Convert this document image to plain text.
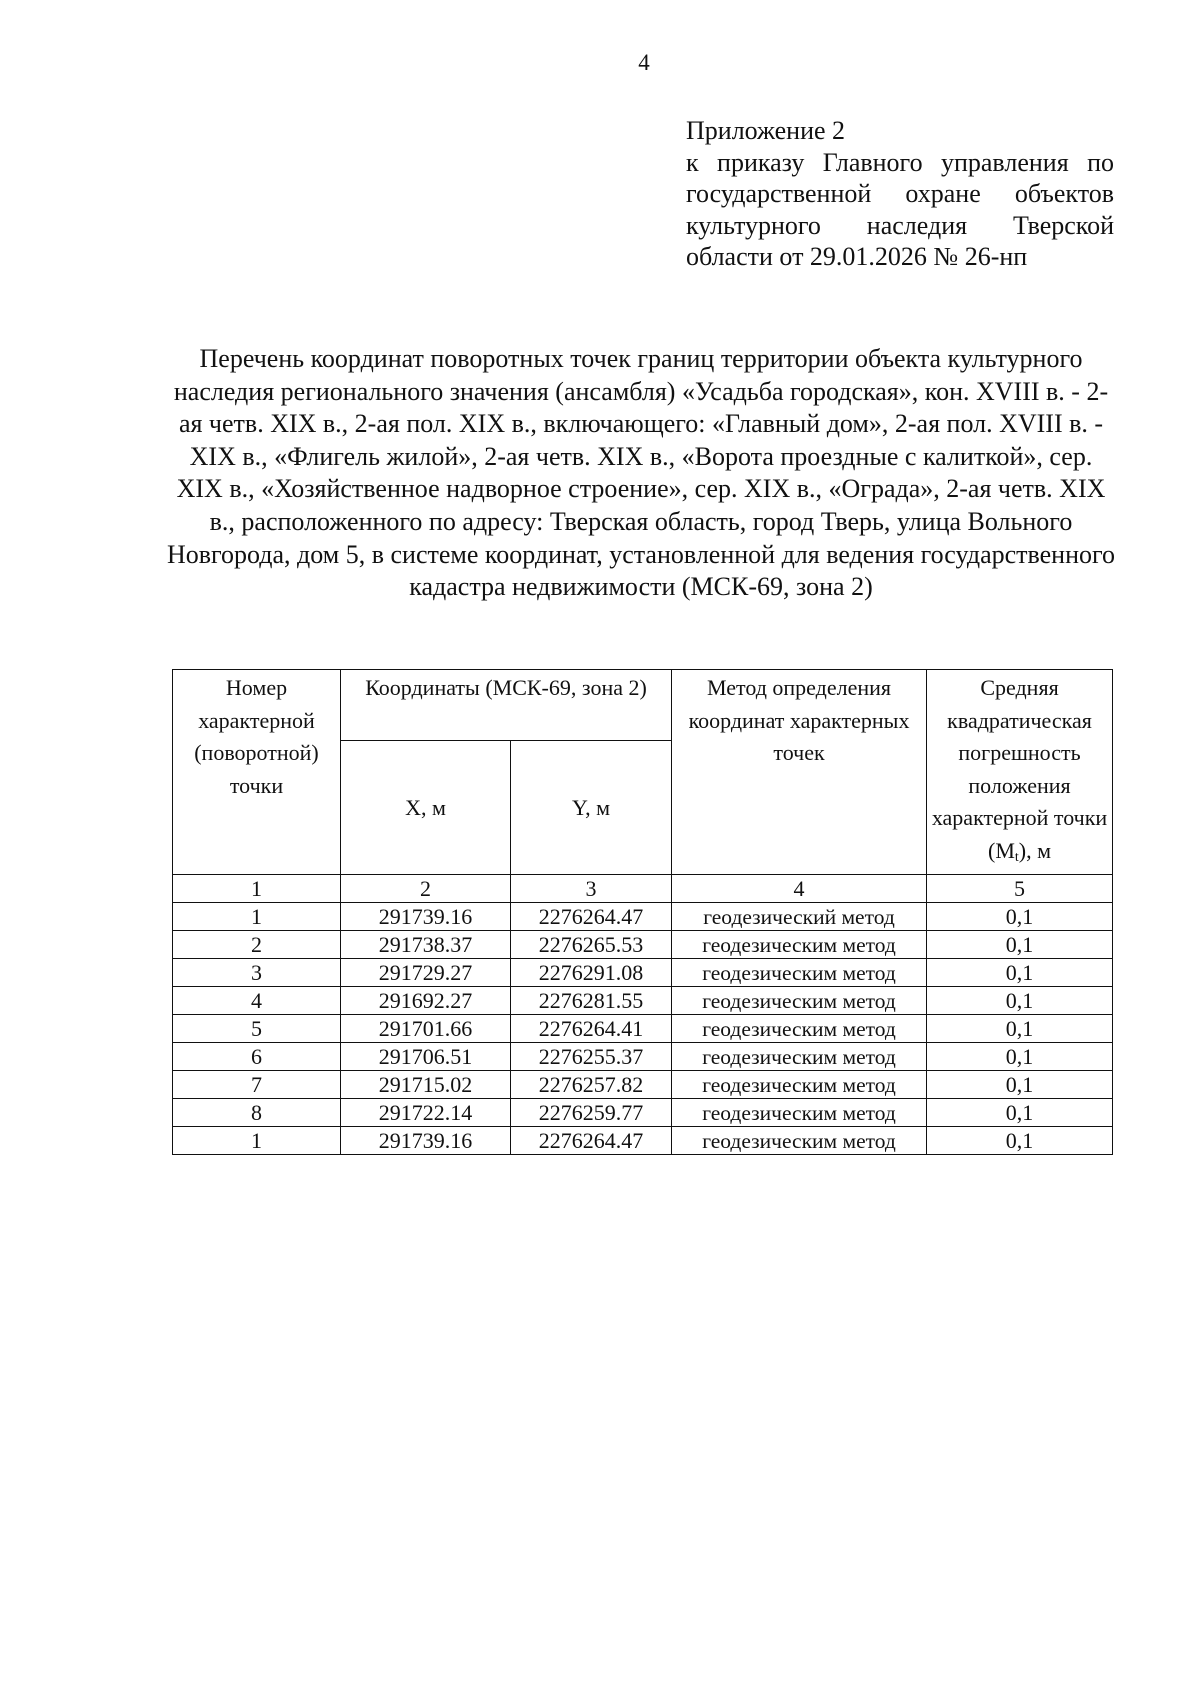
4
Приложение 2
к приказу Главного управления по государственной охране объектов культурного наследия Тверской области от 29.01.2026 № 26-нп
Перечень координат поворотных точек границ территории объекта культурного наследия регионального значения (ансамбля) «Усадьба городская», кон. XVIII в. - 2-ая четв. XIX в., 2-ая пол. XIX в., включающего: «Главный дом», 2-ая пол. XVIII в. - XIX в., «Флигель жилой», 2-ая четв. XIX в., «Ворота проездные с калиткой», сер. XIX в., «Хозяйственное надворное строение», сер. XIX в., «Ограда», 2-ая четв. XIX в., расположенного по адресу: Тверская область, город Тверь, улица Вольного Новгорода, дом 5, в системе координат, установленной для ведения государственного кадастра недвижимости (МСК-69, зона 2)
Номер характерной (поворотной) точки	Координаты (МСК-69, зона 2)		Метод определения координат характерных точек	Средняя квадратическая погрешность положения характерной точки $(M_t)$, м
	X, м	Y, м		
1	2	3	4	5
1	291739.16	2276264.47	геодезический метод	0,1
2	291738.37	2276265.53	геодезическим метод	0,1
3	291729.27	2276291.08	геодезическим метод	0,1
4	291692.27	2276281.55	геодезическим метод	0,1
5	291701.66	2276264.41	геодезическим метод	0,1
6	291706.51	2276255.37	геодезическим метод	0,1
7	291715.02	2276257.82	геодезическим метод	0,1
8	291722.14	2276259.77	геодезическим метод	0,1
1	291739.16	2276264.47	геодезическим метод	0,1
